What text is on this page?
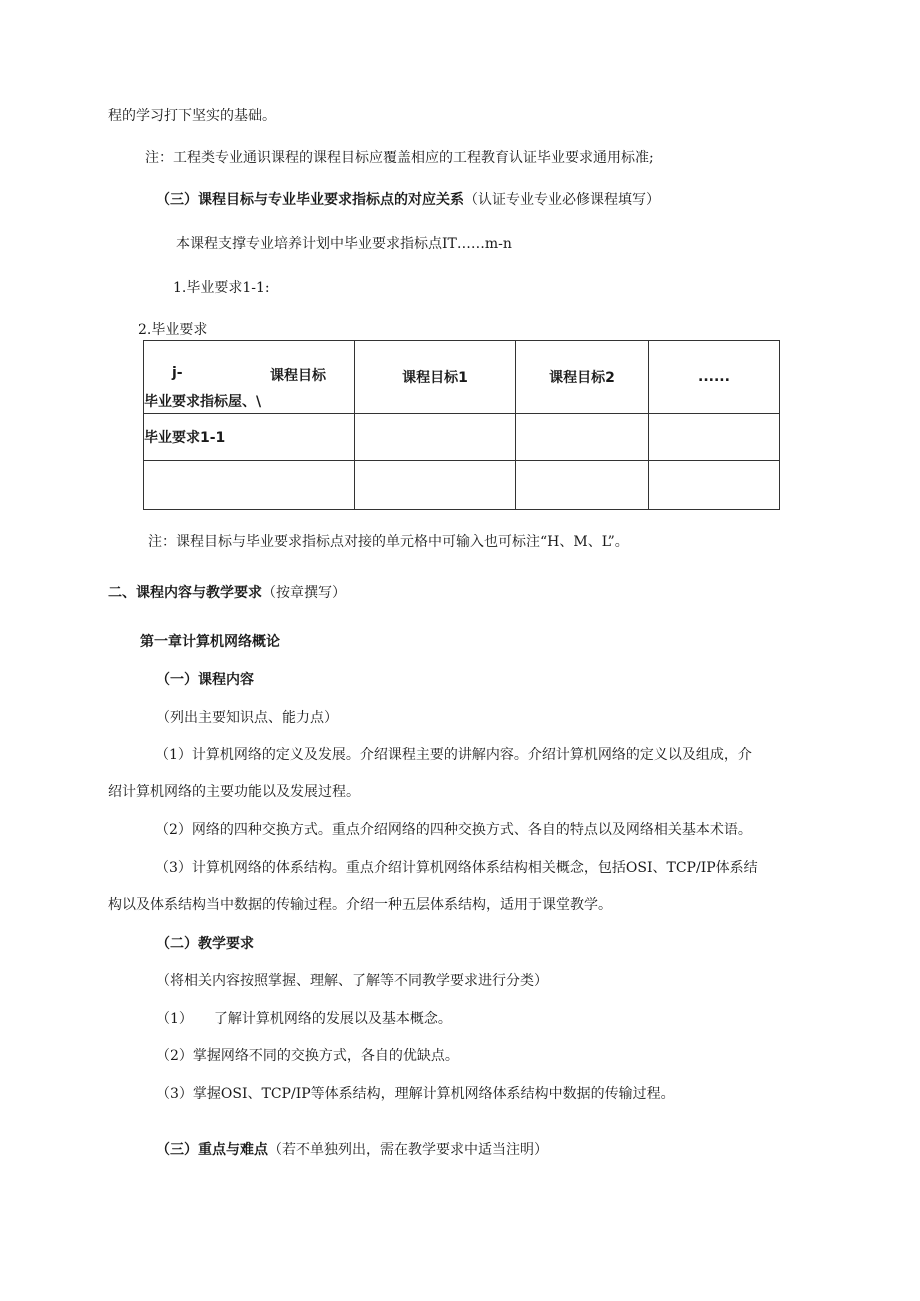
程的学习打下坚实的基础。
注：工程类专业通识课程的课程目标应覆盖相应的工程教育认证毕业要求通用标准;
（三）课程目标与专业毕业要求指标点的对应关系（认证专业专业必修课程填写）
本课程支撑专业培养计划中毕业要求指标点IT……m-n
1.毕业要求1-1:
2.毕业要求
j- 课程目标
毕业要求指标屋、\	课程目标1	课程目标2	......
毕业要求1-1			

注：课程目标与毕业要求指标点对接的单元格中可输入也可标注“H、M、L”。
二、课程内容与教学要求（按章撰写）
第一章计算机网络概论
（一）课程内容
（列出主要知识点、能力点）
（1）计算机网络的定义及发展。介绍课程主要的讲解内容。介绍计算机网络的定义以及组成，介
绍计算机网络的主要功能以及发展过程。
（2）网络的四种交换方式。重点介绍网络的四种交换方式、各自的特点以及网络相关基本术语。
（3）计算机网络的体系结构。重点介绍计算机网络体系结构相关概念，包括OSI、TCP/IP体系结
构以及体系结构当中数据的传输过程。介绍一种五层体系结构，适用于课堂教学。
（二）教学要求
（将相关内容按照掌握、理解、了解等不同教学要求进行分类）
（1）　　了解计算机网络的发展以及基本概念。
（2）掌握网络不同的交换方式，各自的优缺点。
（3）掌握OSI、TCP/IP等体系结构，理解计算机网络体系结构中数据的传输过程。
（三）重点与难点（若不单独列出，需在教学要求中适当注明）
